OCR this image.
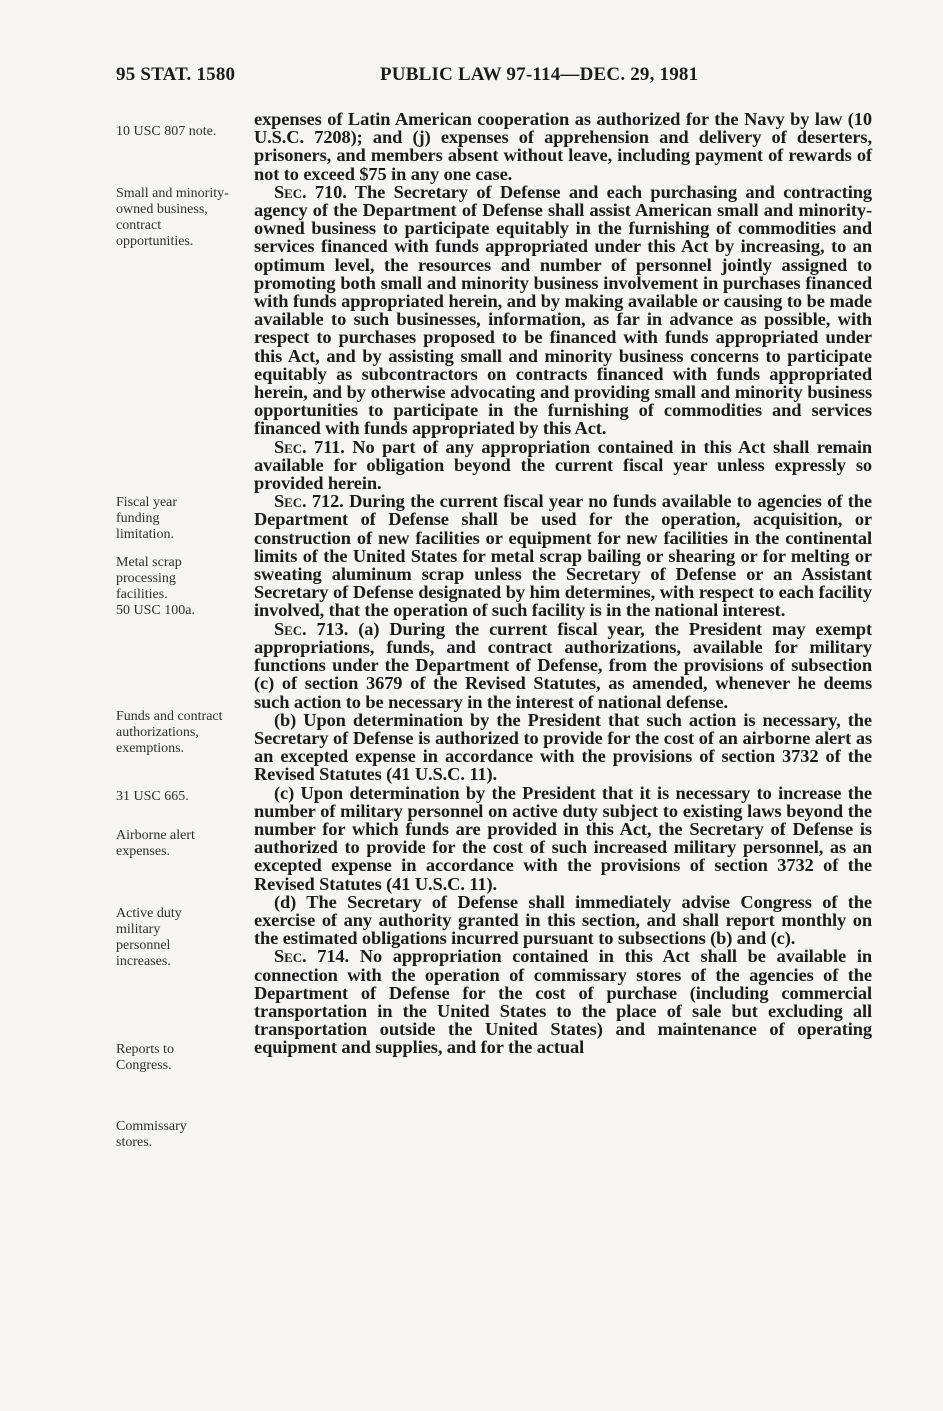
95 STAT. 1580	PUBLIC LAW 97-114—DEC. 29, 1981
10 USC 807 note.
Small and minority-owned business, contract opportunities.
Fiscal year funding limitation.
Metal scrap processing facilities.
50 USC 100a.
Funds and contract authorizations, exemptions.
31 USC 665.
Airborne alert expenses.
Active duty military personnel increases.
Reports to Congress.
Commissary stores.

expenses of Latin American cooperation as authorized for the Navy by law (10 U.S.C. 7208); and (j) expenses of apprehension and delivery of deserters, prisoners, and members absent without leave, including payment of rewards of not to exceed $75 in any one case.

Sec. 710. The Secretary of Defense and each purchasing and contracting agency of the Department of Defense shall assist American small and minority-owned business to participate equitably in the furnishing of commodities and services financed with funds appropriated under this Act by increasing, to an optimum level, the resources and number of personnel jointly assigned to promoting both small and minority business involvement in purchases financed with funds appropriated herein, and by making available or causing to be made available to such businesses, information, as far in advance as possible, with respect to purchases proposed to be financed with funds appropriated under this Act, and by assisting small and minority business concerns to participate equitably as subcontractors on contracts financed with funds appropriated herein, and by otherwise advocating and providing small and minority business opportunities to participate in the furnishing of commodities and services financed with funds appropriated by this Act.

Sec. 711. No part of any appropriation contained in this Act shall remain available for obligation beyond the current fiscal year unless expressly so provided herein.

Sec. 712. During the current fiscal year no funds available to agencies of the Department of Defense shall be used for the operation, acquisition, or construction of new facilities or equipment for new facilities in the continental limits of the United States for metal scrap bailing or shearing or for melting or sweating aluminum scrap unless the Secretary of Defense or an Assistant Secretary of Defense designated by him determines, with respect to each facility involved, that the operation of such facility is in the national interest.

Sec. 713. (a) During the current fiscal year, the President may exempt appropriations, funds, and contract authorizations, available for military functions under the Department of Defense, from the provisions of subsection (c) of section 3679 of the Revised Statutes, as amended, whenever he deems such action to be necessary in the interest of national defense.

(b) Upon determination by the President that such action is necessary, the Secretary of Defense is authorized to provide for the cost of an airborne alert as an excepted expense in accordance with the provisions of section 3732 of the Revised Statutes (41 U.S.C. 11).

(c) Upon determination by the President that it is necessary to increase the number of military personnel on active duty subject to existing laws beyond the number for which funds are provided in this Act, the Secretary of Defense is authorized to provide for the cost of such increased military personnel, as an excepted expense in accordance with the provisions of section 3732 of the Revised Statutes (41 U.S.C. 11).

(d) The Secretary of Defense shall immediately advise Congress of the exercise of any authority granted in this section, and shall report monthly on the estimated obligations incurred pursuant to subsections (b) and (c).

Sec. 714. No appropriation contained in this Act shall be available in connection with the operation of commissary stores of the agencies of the Department of Defense for the cost of purchase (including commercial transportation in the United States to the place of sale but excluding all transportation outside the United States) and maintenance of operating equipment and supplies, and for the actual
